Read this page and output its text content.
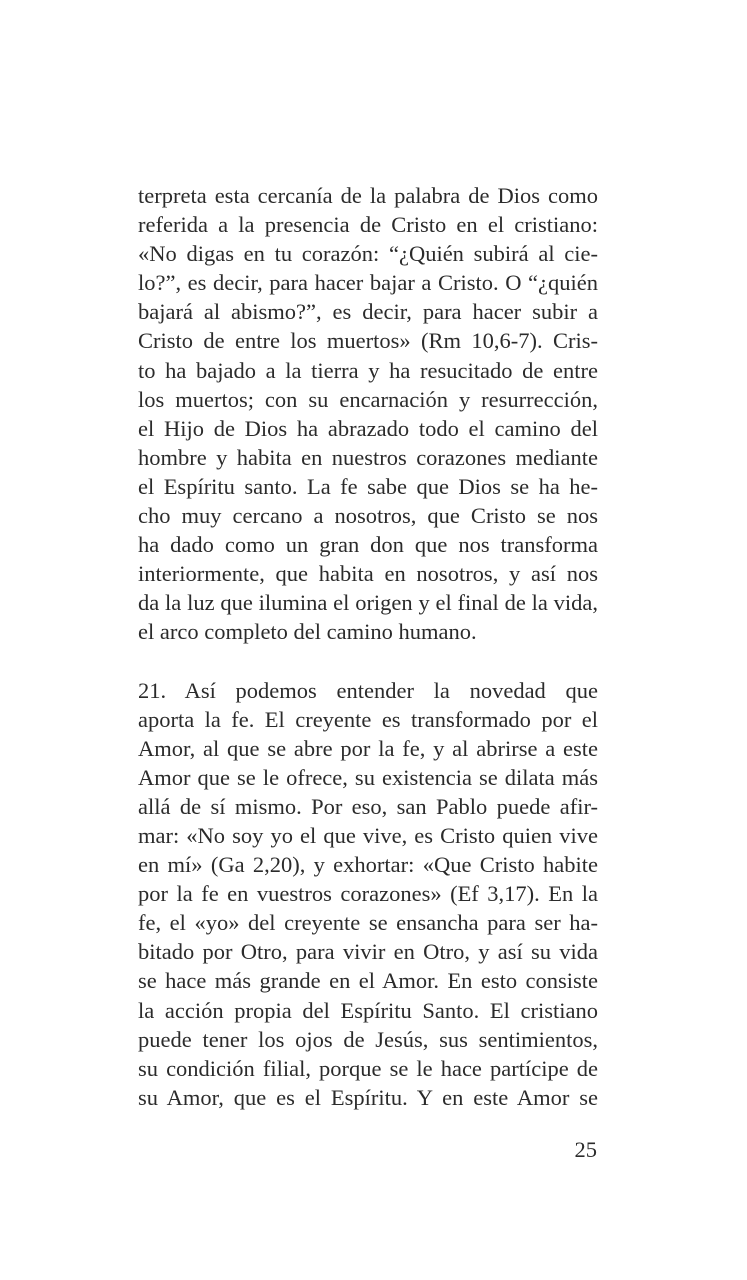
terpreta esta cercanía de la palabra de Dios como
referida a la presencia de Cristo en el cristiano:
«No digas en tu corazón: “¿Quién subirá al cie-
lo?”, es decir, para hacer bajar a Cristo. O “¿quién
bajará al abismo?”, es decir, para hacer subir a
Cristo de entre los muertos» (Rm 10,6-7). Cris-
to ha bajado a la tierra y ha resucitado de entre
los muertos; con su encarnación y resurrección,
el Hijo de Dios ha abrazado todo el camino del
hombre y habita en nuestros corazones mediante
el Espíritu santo. La fe sabe que Dios se ha he-
cho muy cercano a nosotros, que Cristo se nos
ha dado como un gran don que nos transforma
interiormente, que habita en nosotros, y así nos
da la luz que ilumina el origen y el final de la vida,
el arco completo del camino humano.
21. Así podemos entender la novedad que
aporta la fe. El creyente es transformado por el
Amor, al que se abre por la fe, y al abrirse a este
Amor que se le ofrece, su existencia se dilata más
allá de sí mismo. Por eso, san Pablo puede afir-
mar: «No soy yo el que vive, es Cristo quien vive
en mí» (Ga 2,20), y exhortar: «Que Cristo habite
por la fe en vuestros corazones» (Ef 3,17). En la
fe, el «yo» del creyente se ensancha para ser ha-
bitado por Otro, para vivir en Otro, y así su vida
se hace más grande en el Amor. En esto consiste
la acción propia del Espíritu Santo. El cristiano
puede tener los ojos de Jesús, sus sentimientos,
su condición filial, porque se le hace partícipe de
su Amor, que es el Espíritu. Y en este Amor se
25
